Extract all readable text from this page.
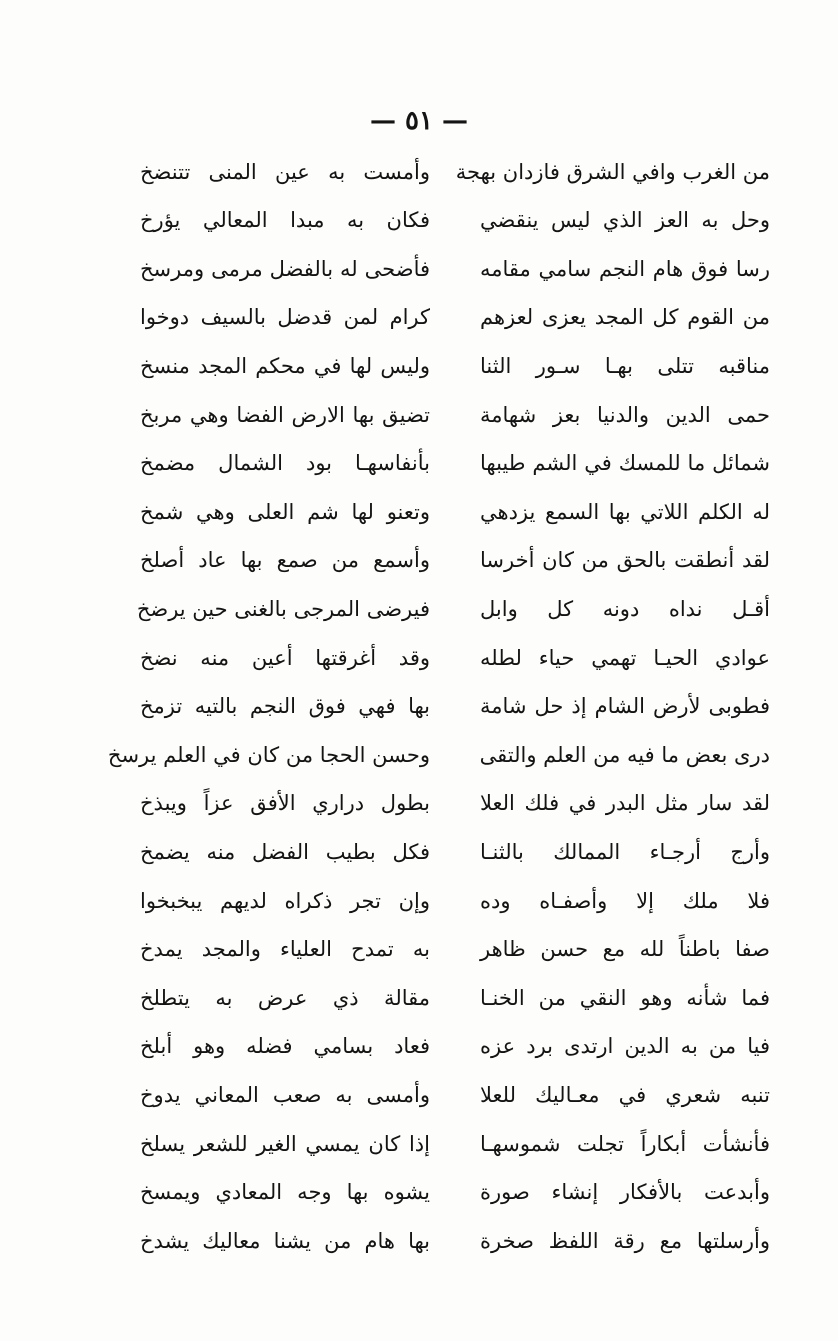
— ٥١ —
من الغرب وافي الشرق فازدان بهجة
وأمست به عين المنى تتنضخ
وحل به العز الذي ليس ينقضي
فكان به مبدا المعالي يؤرخ
رسا فوق هام النجم سامي مقامه
فأضحى له بالفضل مرمى ومرسخ
من القوم كل المجد يعزى لعزهم
كرام لمن قدضل بالسيف دوخوا
مناقبه تتلى بهـا سـور الثنا
وليس لها في محكم المجد منسخ
حمى الدين والدنيا بعز شهامة
تضيق بها الارض الفضا وهي مربخ
شمائل ما للمسك في الشم طيبها
بأنفاسهـا بود الشمال مضمخ
له الكلم اللاتي بها السمع يزدهي
وتعنو لها شم العلى وهي شمخ
لقد أنطقت بالحق من كان أخرسا
وأسمع من صمع بها عاد أصلخ
أقـل نداه دونه كل وابل
فيرضى المرجى بالغنى حين يرضخ
عوادي الحيـا تهمي حياء لطله
وقد أغرقتها أعين منه نضخ
فطوبى لأرض الشام إذ حل شامة
بها فهي فوق النجم بالتيه تزمخ
درى بعض ما فيه من العلم والتقى
وحسن الحجا من كان في العلم يرسخ
لقد سار مثل البدر في فلك العلا
بطول دراري الأفق عزاً ويبذخ
وأرج أرجـاء الممالك بالثنـا
فكل بطيب الفضل منه يضمخ
فلا ملك إلا وأصفـاه وده
وإن تجر ذكراه لديهم يبخبخوا
صفا باطناً لله مع حسن ظاهر
به تمدح العلياء والمجد يمدخ
فما شأنه وهو النقي من الخنـا
مقالة ذي عرض به يتطلخ
فيا من به الدين ارتدى برد عزه
فعاد بسامي فضله وهو أبلخ
تنبه شعري في معـاليك للعلا
وأمسى به صعب المعاني يدوخ
فأنشأت أبكاراً تجلت شموسهـا
إذا كان يمسي الغير للشعر يسلخ
وأبدعت بالأفكار إنشاء صورة
يشوه بها وجه المعادي ويمسخ
وأرسلتها مع رقة اللفظ صخرة
بها هام من يشنا معاليك يشدخ
